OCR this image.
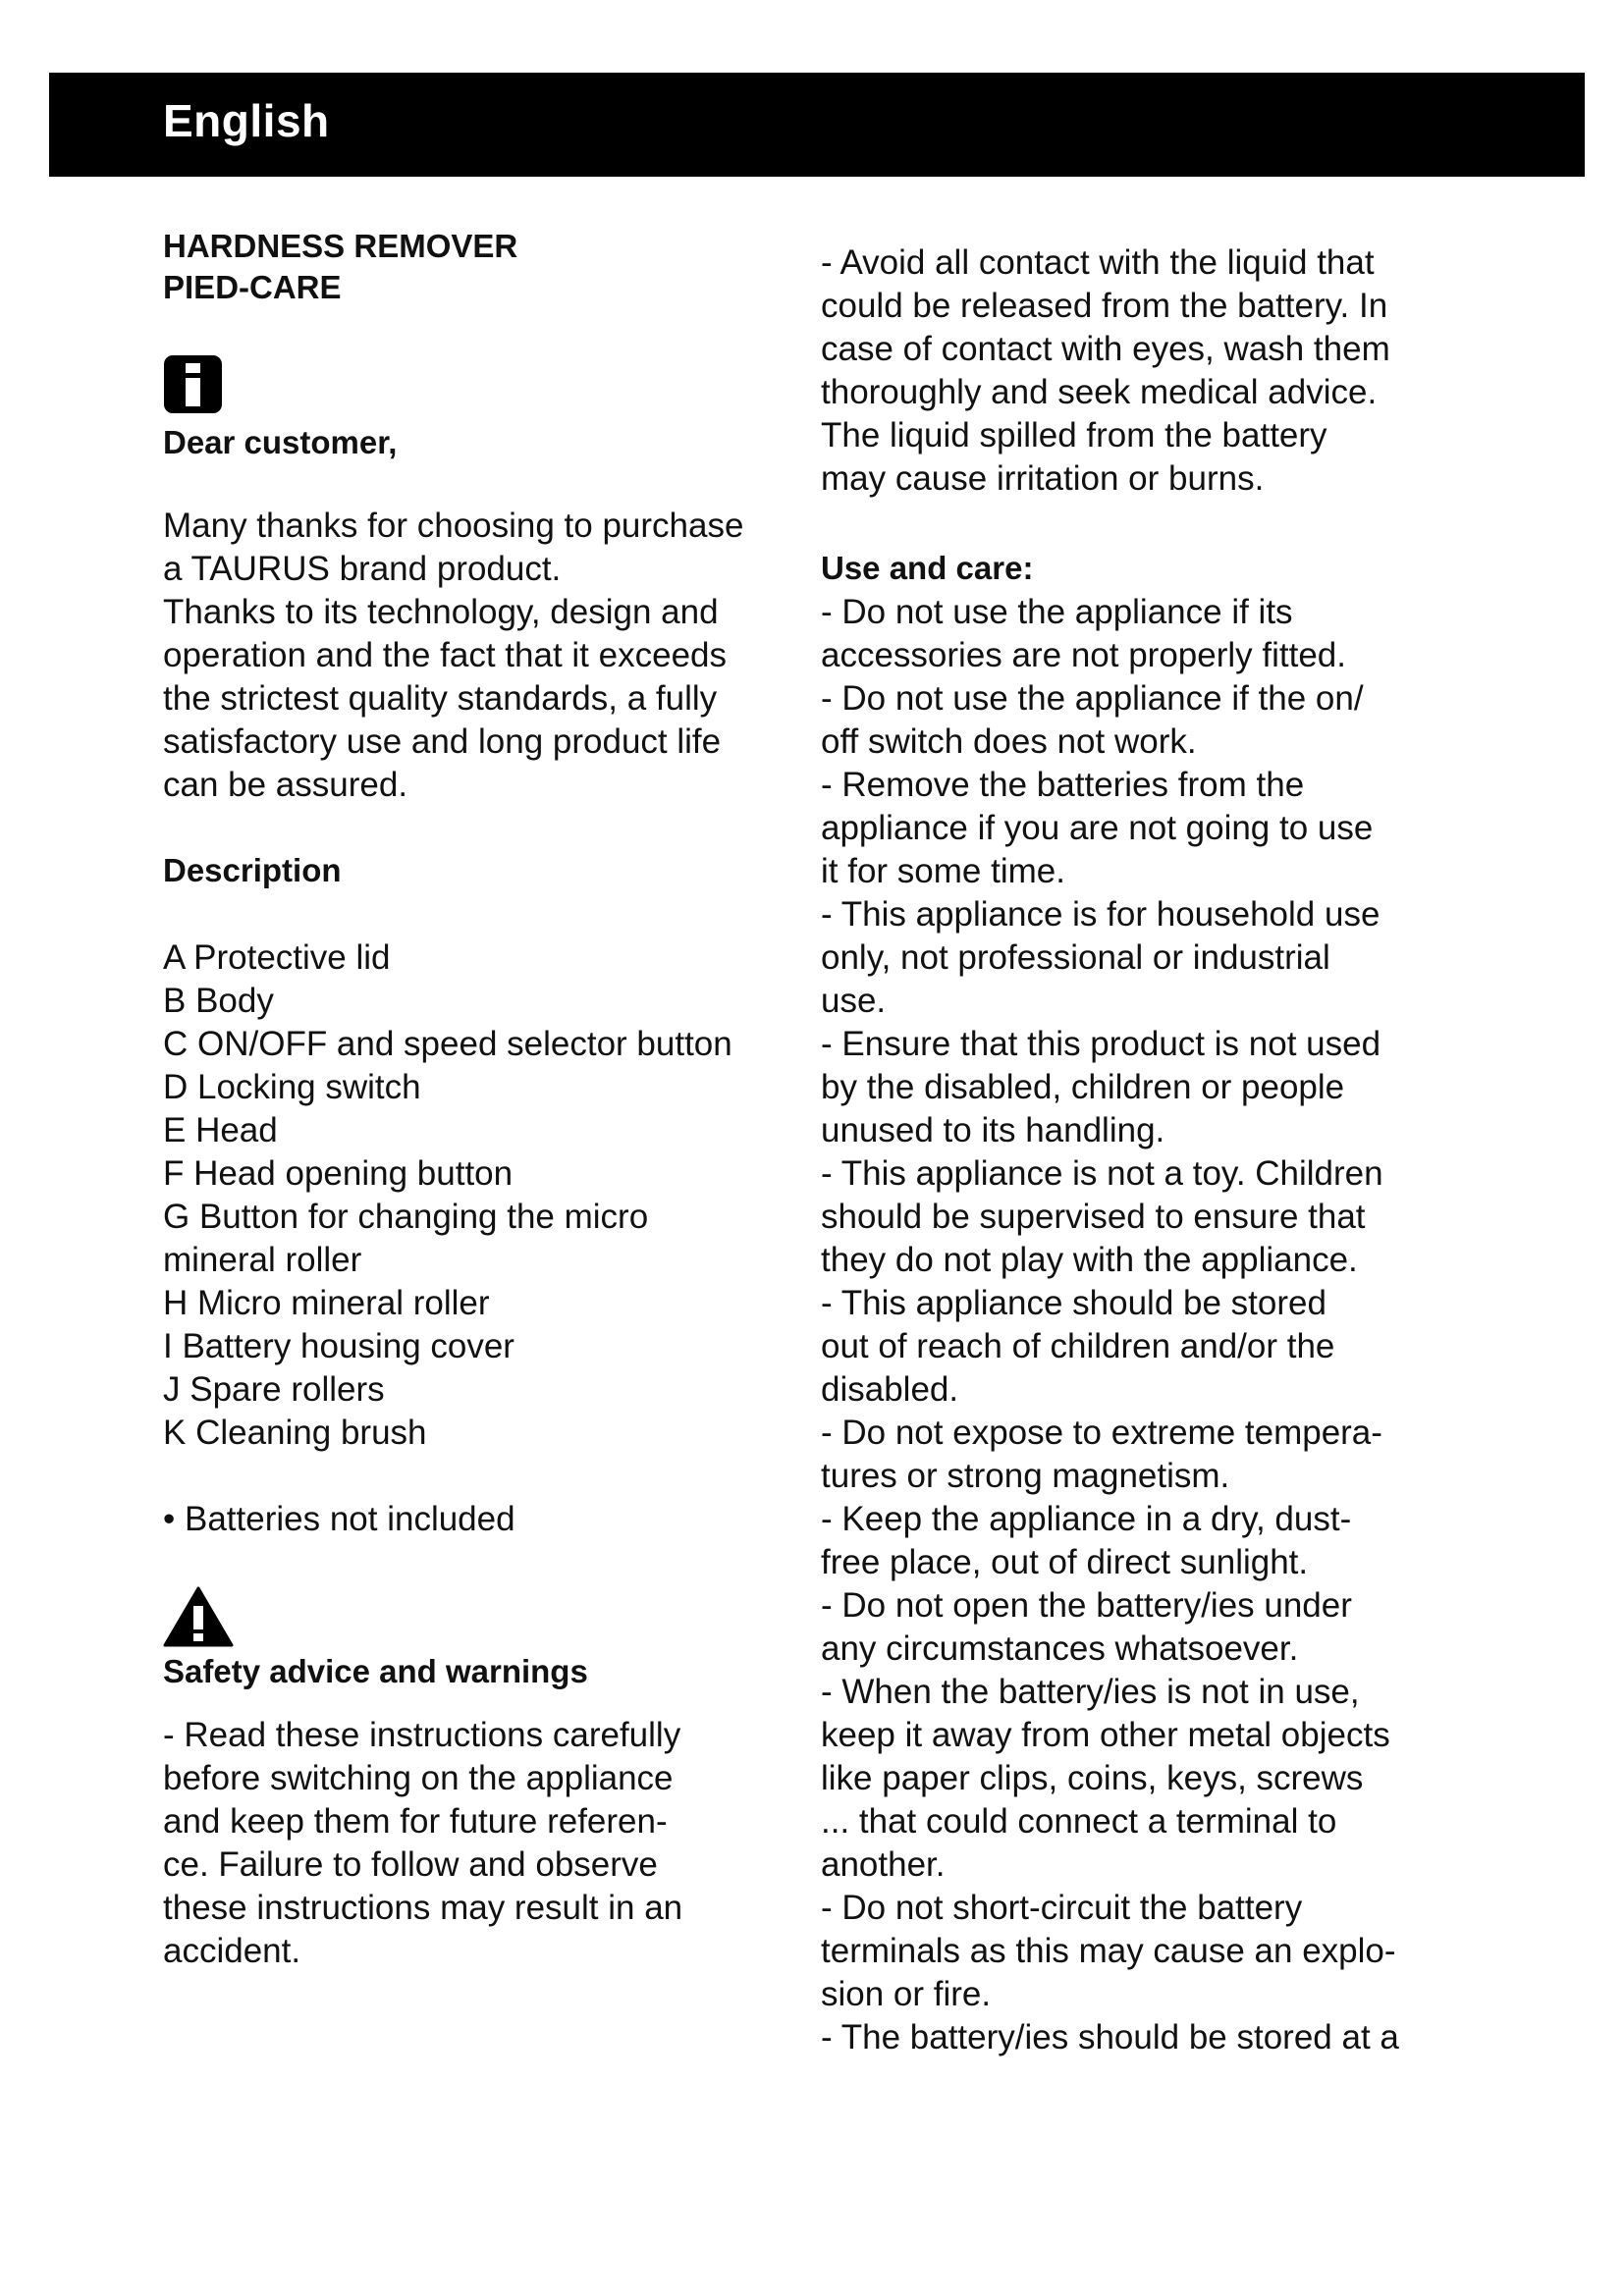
English
HARDNESS REMOVER
PIED-CARE
Dear customer,
Many thanks for choosing to purchase
a TAURUS brand product.
Thanks to its technology, design and
operation and the fact that it exceeds
the strictest quality standards, a fully
satisfactory use and long product life
can be assured.
Description
A Protective lid
B Body
C ON/OFF and speed selector button
D Locking switch
E Head
F Head opening button
G Button for changing the micro
mineral roller
H Micro mineral roller
I Battery housing cover
J Spare rollers
K Cleaning brush
• Batteries not included
Safety advice and warnings
- Read these instructions carefully
before switching on the appliance
and keep them for future referen-
ce. Failure to follow and observe
these instructions may result in an
accident.
- Avoid all contact with the liquid that
could be released from the battery. In
case of contact with eyes, wash them
thoroughly and seek medical advice.
The liquid spilled from the battery
may cause irritation or burns.
Use and care:
- Do not use the appliance if its
accessories are not properly fitted.
- Do not use the appliance if the on/
off switch does not work.
- Remove the batteries from the
appliance if you are not going to use
it for some time.
- This appliance is for household use
only, not professional or industrial
use.
- Ensure that this product is not used
by the disabled, children or people
unused to its handling.
- This appliance is not a toy. Children
should be supervised to ensure that
they do not play with the appliance.
- This appliance should be stored
out of reach of children and/or the
disabled.
- Do not expose to extreme tempera-
tures or strong magnetism.
- Keep the appliance in a dry, dust-
free place, out of direct sunlight.
- Do not open the battery/ies under
any circumstances whatsoever.
- When the battery/ies is not in use,
keep it away from other metal objects
like paper clips, coins, keys, screws
... that could connect a terminal to
another.
- Do not short-circuit the battery
terminals as this may cause an explo-
sion or fire.
- The battery/ies should be stored at a
